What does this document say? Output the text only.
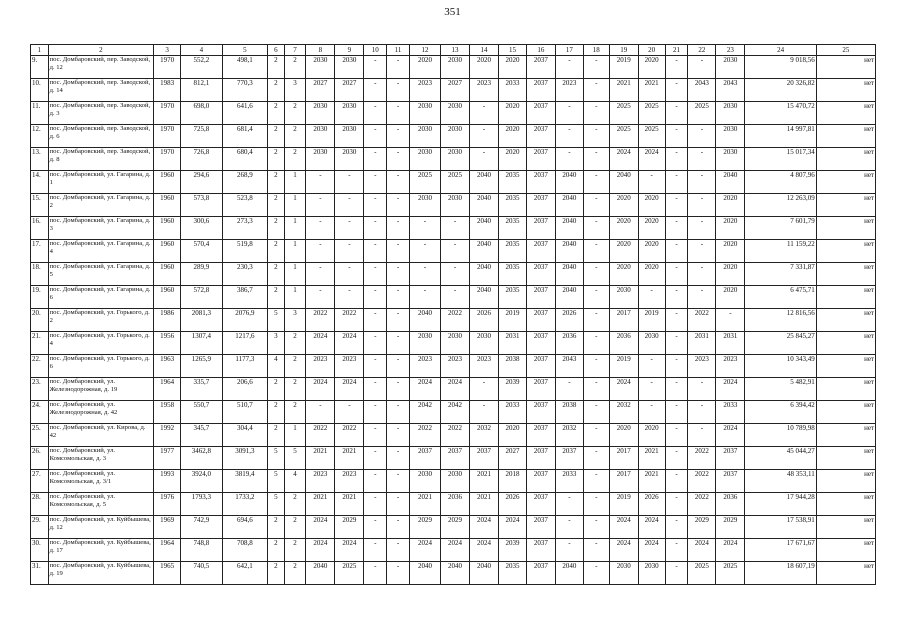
351
1	2	3	4	5	6	7	8	9	10	11	12	13	14	15	16	17	18	19	20	21	22	23	24	25
9.	пос. Домбаровский, пер. Заводской, д. 12	1970	552,2	498,1	2	2	2030	2030	-	-	2020	2030	2020	2020	2037	-	-	2019	2020	-	-	2030	9 018,56	нет
10.	пос. Домбаровский, пер. Заводской, д. 14	1983	812,1	770,3	2	3	2027	2027	-	-	2023	2027	2023	2033	2037	2023	-	2021	2021	-	2043	2043	20 326,82	нет
11.	пос. Домбаровский, пер. Заводской, д. 3	1970	698,0	641,6	2	2	2030	2030	-	-	2030	2030	-	2020	2037	-	-	2025	2025	-	2025	2030	15 470,72	нет
12.	пос. Домбаровский, пер. Заводской, д. 6	1970	725,8	681,4	2	2	2030	2030	-	-	2030	2030	-	2020	2037	-	-	2025	2025	-	-	2030	14 997,81	нет
13.	пос. Домбаровский, пер. Заводской, д. 8	1970	726,8	680,4	2	2	2030	2030	-	-	2030	2030	-	2020	2037	-	-	2024	2024	-	-	2030	15 017,34	нет
14.	пос. Домбаровский, ул. Гагарина, д. 1	1960	294,6	268,9	2	1	-	-	-	-	2025	2025	2040	2035	2037	2040	-	2040	-	-	-	2040	4 807,96	нет
15.	пос. Домбаровский, ул. Гагарина, д. 2	1960	573,8	523,8	2	1	-	-	-	-	2030	2030	2040	2035	2037	2040	-	2020	2020	-	-	2020	12 263,09	нет
16.	пос. Домбаровский, ул. Гагарина, д. 3	1960	300,6	273,3	2	1	-	-	-	-	-	-	2040	2035	2037	2040	-	2020	2020	-	-	2020	7 601,79	нет
17.	пос. Домбаровский, ул. Гагарина, д. 4	1960	570,4	519,8	2	1	-	-	-	-	-	-	2040	2035	2037	2040	-	2020	2020	-	-	2020	11 159,22	нет
18.	пос. Домбаровский, ул. Гагарина, д. 5	1960	289,9	230,3	2	1	-	-	-	-	-	-	2040	2035	2037	2040	-	2020	2020	-	-	2020	7 331,87	нет
19.	пос. Домбаровский, ул. Гагарина, д. 6	1960	572,8	386,7	2	1	-	-	-	-	-	-	2040	2035	2037	2040	-	2030	-	-	-	2020	6 475,71	нет
20.	пос. Домбаровский, ул. Горького, д. 2	1986	2081,3	2076,9	5	3	2022	2022	-	-	2040	2022	2026	2019	2037	2026	-	2017	2019	-	2022	-	12 816,56	нет
21.	пос. Домбаровский, ул. Горького, д. 4	1956	1307,4	1217,6	3	2	2024	2024	-	-	2030	2030	2030	2031	2037	2036	-	2036	2030	-	2031	2031	25 845,27	нет
22.	пос. Домбаровский, ул. Горького, д. 6	1963	1265,9	1177,3	4	2	2023	2023	-	-	2023	2023	2023	2038	2037	2043	-	2019	-	-	2023	2023	10 343,49	нет
23.	пос. Домбаровский, ул. Железнодорожная, д. 19	1964	335,7	206,6	2	2	2024	2024	-	-	2024	2024	-	2039	2037	-	-	2024	-	-	-	2024	5 482,91	нет
24.	пос. Домбаровский, ул. Железнодорожная, д. 42	1958	550,7	510,7	2	2	-	-	-	-	2042	2042	-	2033	2037	2038	-	2032	-	-	-	2033	6 394,42	нет
25.	пос. Домбаровский, ул. Кирова, д. 42	1992	345,7	304,4	2	1	2022	2022	-	-	2022	2022	2032	2020	2037	2032	-	2020	2020	-	-	2024	10 789,98	нет
26.	пос. Домбаровский, ул. Комсомольская, д. 3	1977	3462,8	3091,3	5	5	2021	2021	-	-	2037	2037	2037	2027	2037	2037	-	2017	2021	-	2022	2037	45 044,27	нет
27.	пос. Домбаровский, ул. Комсомольская, д. 3/1	1993	3924,0	3819,4	5	4	2023	2023	-	-	2030	2030	2021	2018	2037	2033	-	2017	2021	-	2022	2037	48 353,11	нет
28.	пос. Домбаровский, ул. Комсомольская, д. 5	1976	1793,3	1733,2	5	2	2021	2021	-	-	2021	2036	2021	2026	2037	-	-	2019	2026	-	2022	2036	17 944,28	нет
29.	пос. Домбаровский, ул. Куйбышева, д. 12	1969	742,9	694,6	2	2	2024	2029	-	-	2029	2029	2024	2024	2037	-	-	2024	2024	-	2029	2029	17 538,91	нет
30.	пос. Домбаровский, ул. Куйбышева, д. 17	1964	748,8	708,8	2	2	2024	2024	-	-	2024	2024	2024	2039	2037	-	-	2024	2024	-	2024	2024	17 671,67	нет
31.	пос. Домбаровский, ул. Куйбышева, д. 19	1965	740,5	642,1	2	2	2040	2025	-	-	2040	2040	2040	2035	2037	2040	-	2030	2030	-	2025	2025	18 607,19	нет
